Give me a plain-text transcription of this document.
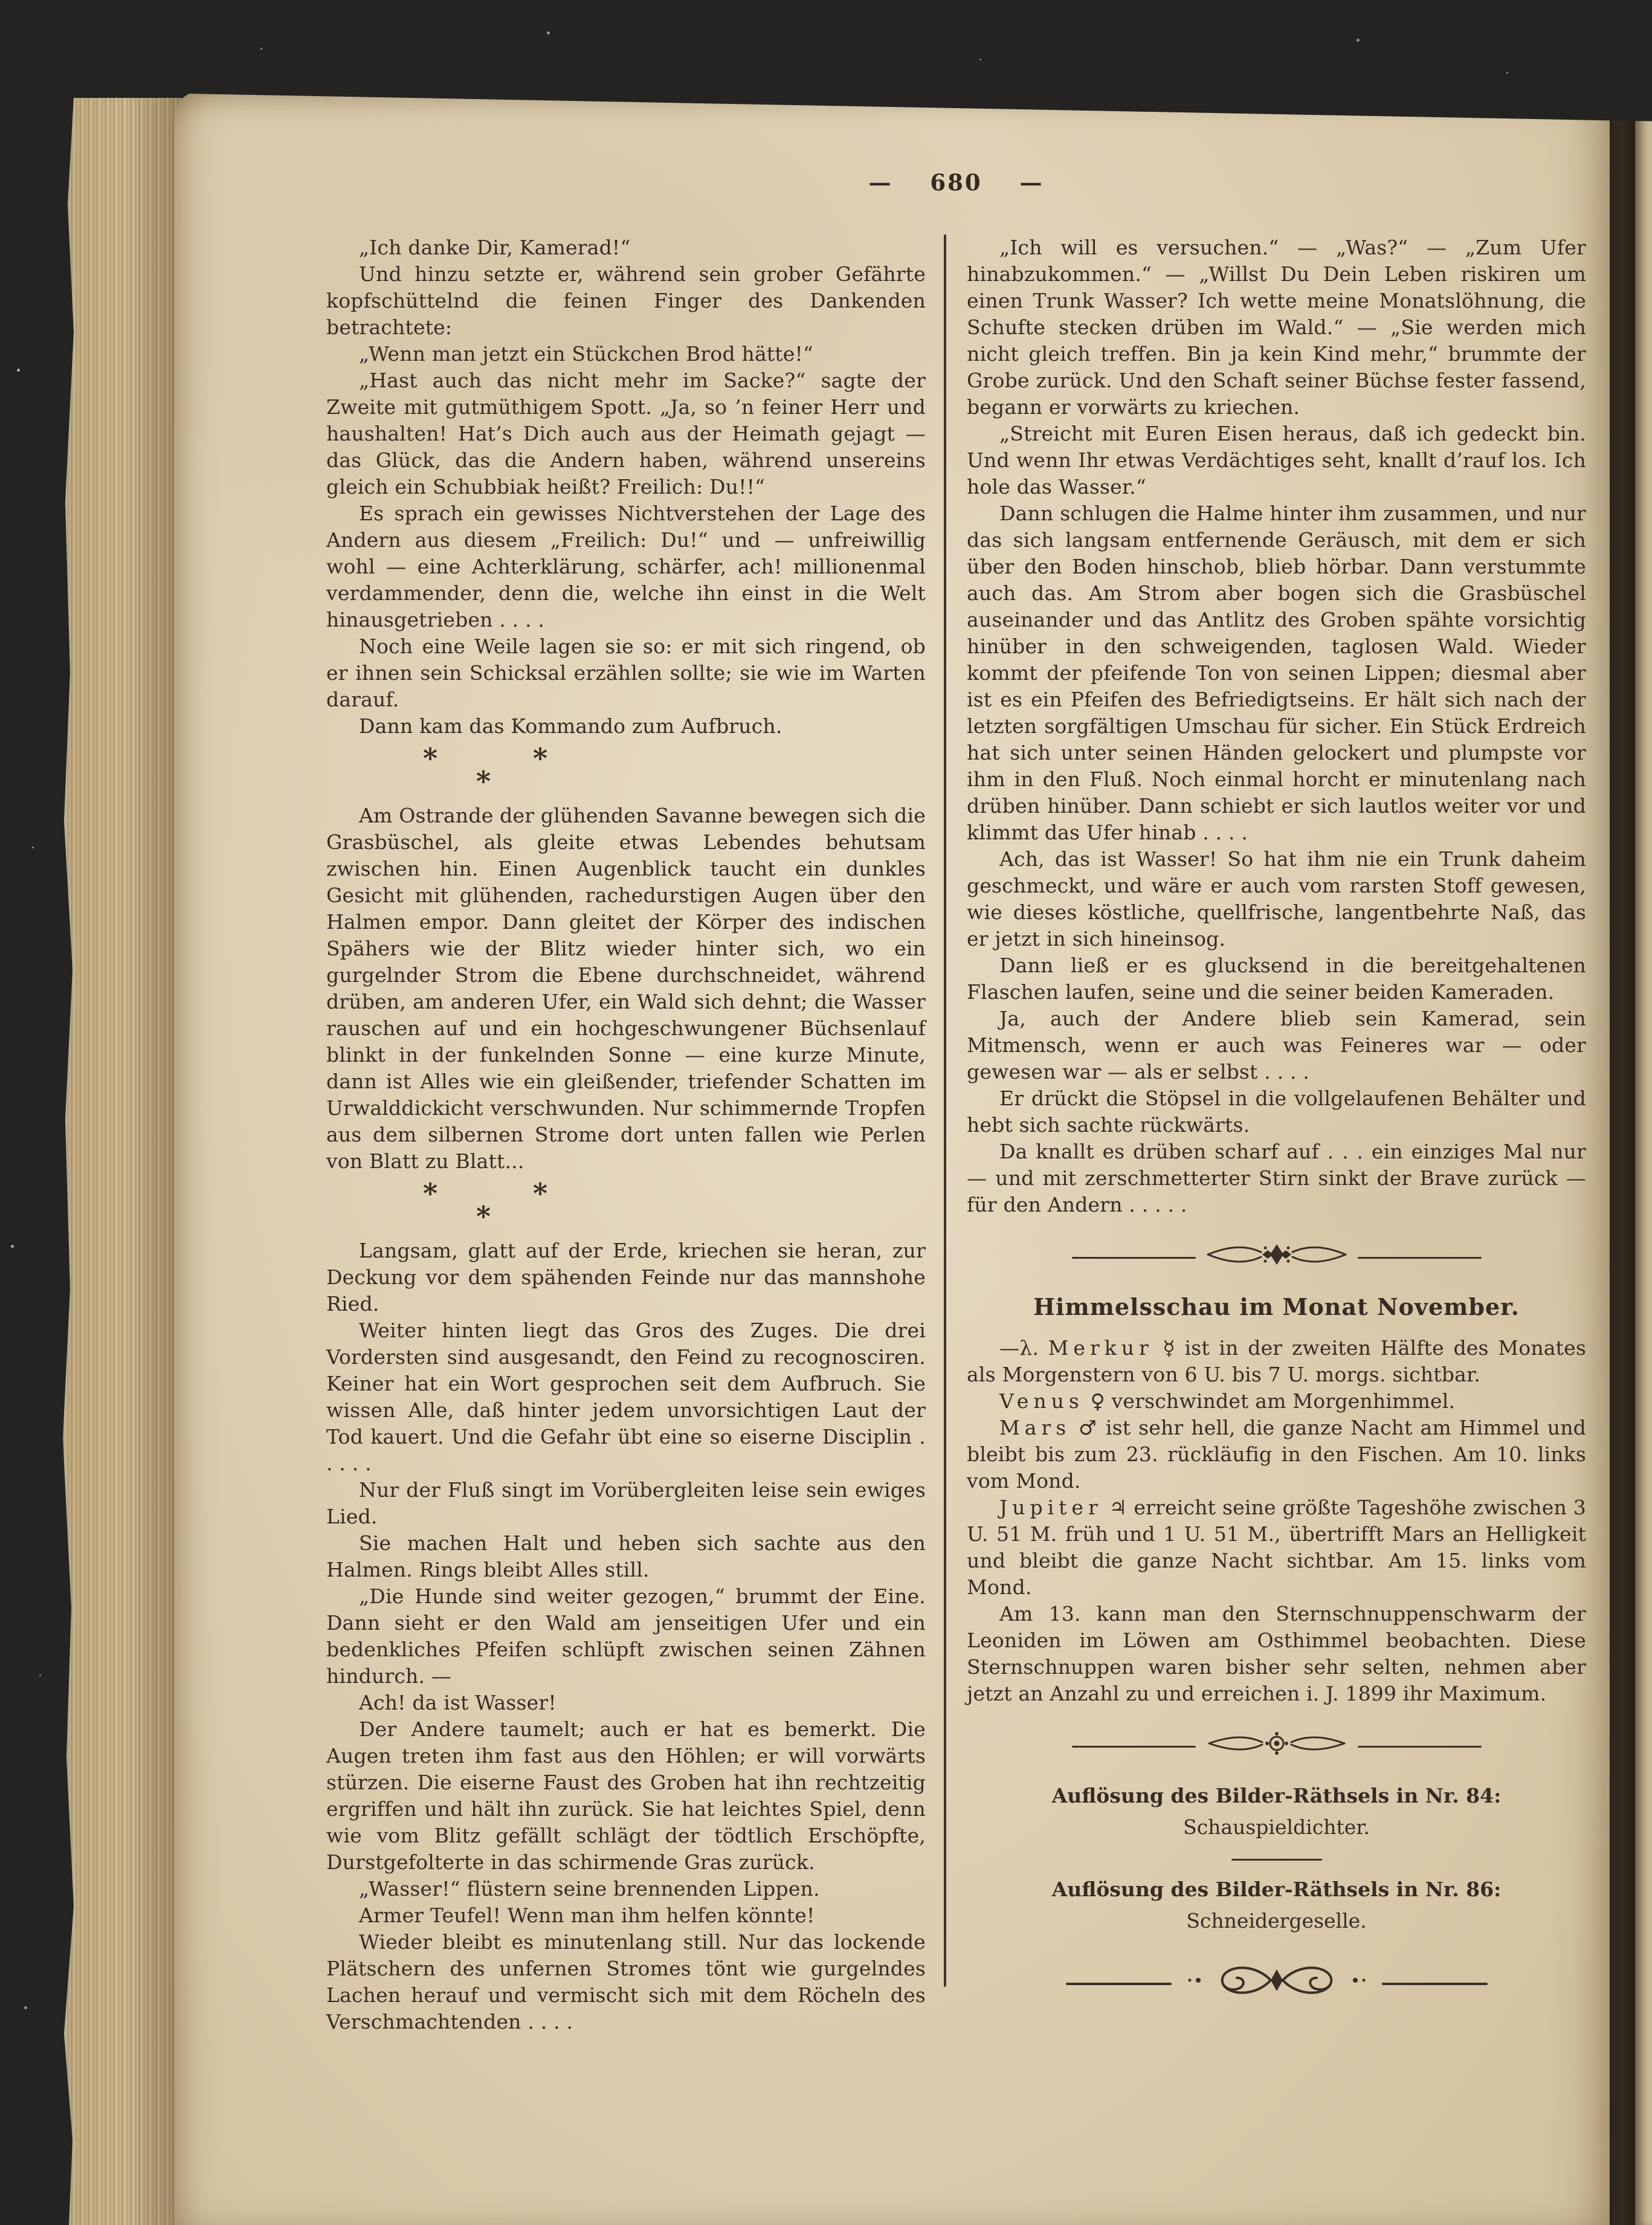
— 680 —

„Ich danke Dir, Kamerad!“

Und hinzu setzte er, während sein grober Gefährte kopfschüttelnd die feinen Finger des Dankenden betrachtete:

„Wenn man jetzt ein Stückchen Brod hätte!“

„Hast auch das nicht mehr im Sacke?“ sagte der Zweite mit gutmüthigem Spott. „Ja, so ’n feiner Herr und haushalten! Hat’s Dich auch aus der Heimath gejagt — das Glück, das die Andern haben, während unsereins gleich ein Schubbiak heißt? Freilich: Du!!“

Es sprach ein gewisses Nichtverstehen der Lage des Andern aus diesem „Freilich: Du!“ und — unfreiwillig wohl — eine Achterklärung, schärfer, ach! millionenmal verdammender, denn die, welche ihn einst in die Welt hinausgetrieben . . . .

Noch eine Weile lagen sie so: er mit sich ringend, ob er ihnen sein Schicksal erzählen sollte; sie wie im Warten darauf.

Dann kam das Kommando zum Aufbruch.

*	*
*

Am Ostrande der glühenden Savanne bewegen sich die Grasbüschel, als gleite etwas Lebendes behutsam zwischen hin. Einen Augenblick taucht ein dunkles Gesicht mit glühenden, rachedurstigen Augen über den Halmen empor. Dann gleitet der Körper des indischen Spähers wie der Blitz wieder hinter sich, wo ein gurgelnder Strom die Ebene durchschneidet, während drüben, am anderen Ufer, ein Wald sich dehnt; die Wasser rauschen auf und ein hochgeschwungener Büchsenlauf blinkt in der funkelnden Sonne — eine kurze Minute, dann ist Alles wie ein gleißender, triefender Schatten im Urwalddickicht verschwunden. Nur schimmernde Tropfen aus dem silbernen Strome dort unten fallen wie Perlen von Blatt zu Blatt...

*	*
*

Langsam, glatt auf der Erde, kriechen sie heran, zur Deckung vor dem spähenden Feinde nur das mannshohe Ried.

Weiter hinten liegt das Gros des Zuges. Die drei Vordersten sind ausgesandt, den Feind zu recognosciren. Keiner hat ein Wort gesprochen seit dem Aufbruch. Sie wissen Alle, daß hinter jedem unvorsichtigen Laut der Tod kauert. Und die Gefahr übt eine so eiserne Disciplin . . . . .

Nur der Fluß singt im Vorübergleiten leise sein ewiges Lied.

Sie machen Halt und heben sich sachte aus den Halmen. Rings bleibt Alles still.

„Die Hunde sind weiter gezogen,“ brummt der Eine. Dann sieht er den Wald am jenseitigen Ufer und ein bedenkliches Pfeifen schlüpft zwischen seinen Zähnen hindurch. —

Ach! da ist Wasser!

Der Andere taumelt; auch er hat es bemerkt. Die Augen treten ihm fast aus den Höhlen; er will vorwärts stürzen. Die eiserne Faust des Groben hat ihn rechtzeitig ergriffen und hält ihn zurück. Sie hat leichtes Spiel, denn wie vom Blitz gefällt schlägt der tödtlich Erschöpfte, Durstgefolterte in das schirmende Gras zurück.

„Wasser!“ flüstern seine brennenden Lippen.

Armer Teufel! Wenn man ihm helfen könnte!

Wieder bleibt es minutenlang still. Nur das lockende Plätschern des unfernen Stromes tönt wie gurgelndes Lachen herauf und vermischt sich mit dem Röcheln des Verschmachtenden . . . .

„Ich will es versuchen.“ — „Was?“ — „Zum Ufer hinabzukommen.“ — „Willst Du Dein Leben riskiren um einen Trunk Wasser? Ich wette meine Monatslöhnung, die Schufte stecken drüben im Wald.“ — „Sie werden mich nicht gleich treffen. Bin ja kein Kind mehr,“ brummte der Grobe zurück. Und den Schaft seiner Büchse fester fassend, begann er vorwärts zu kriechen.

„Streicht mit Euren Eisen heraus, daß ich gedeckt bin. Und wenn Ihr etwas Verdächtiges seht, knallt d’rauf los. Ich hole das Wasser.“

Dann schlugen die Halme hinter ihm zusammen, und nur das sich langsam entfernende Geräusch, mit dem er sich über den Boden hinschob, blieb hörbar. Dann verstummte auch das. Am Strom aber bogen sich die Grasbüschel auseinander und das Antlitz des Groben spähte vorsichtig hinüber in den schweigenden, taglosen Wald. Wieder kommt der pfeifende Ton von seinen Lippen; diesmal aber ist es ein Pfeifen des Befriedigtseins. Er hält sich nach der letzten sorgfältigen Umschau für sicher. Ein Stück Erdreich hat sich unter seinen Händen gelockert und plumpste vor ihm in den Fluß. Noch einmal horcht er minutenlang nach drüben hinüber. Dann schiebt er sich lautlos weiter vor und klimmt das Ufer hinab . . . .

Ach, das ist Wasser! So hat ihm nie ein Trunk daheim geschmeckt, und wäre er auch vom rarsten Stoff gewesen, wie dieses köstliche, quellfrische, langentbehrte Naß, das er jetzt in sich hineinsog.

Dann ließ er es glucksend in die bereitgehaltenen Flaschen laufen, seine und die seiner beiden Kameraden.

Ja, auch der Andere blieb sein Kamerad, sein Mitmensch, wenn er auch was Feineres war — oder gewesen war — als er selbst . . . .

Er drückt die Stöpsel in die vollgelaufenen Behälter und hebt sich sachte rückwärts.

Da knallt es drüben scharf auf . . . ein einziges Mal nur — und mit zerschmetterter Stirn sinkt der Brave zurück — für den Andern . . . . .

Himmelsschau im Monat November.

—λ. Merkur ☿ ist in der zweiten Hälfte des Monates als Morgenstern von 6 U. bis 7 U. morgs. sichtbar.

Venus ♀ verschwindet am Morgenhimmel.

Mars ♂ ist sehr hell, die ganze Nacht am Himmel und bleibt bis zum 23. rückläufig in den Fischen. Am 10. links vom Mond.

Jupiter ♃ erreicht seine größte Tageshöhe zwischen 3 U. 51 M. früh und 1 U. 51 M., übertrifft Mars an Helligkeit und bleibt die ganze Nacht sichtbar. Am 15. links vom Mond.

Am 13. kann man den Sternschnuppenschwarm der Leoniden im Löwen am Osthimmel beobachten. Diese Sternschnuppen waren bisher sehr selten, nehmen aber jetzt an Anzahl zu und erreichen i. J. 1899 ihr Maximum.

Auflösung des Bilder-Räthsels in Nr. 84:
Schauspieldichter.
Auflösung des Bilder-Räthsels in Nr. 86:
Schneidergeselle.
